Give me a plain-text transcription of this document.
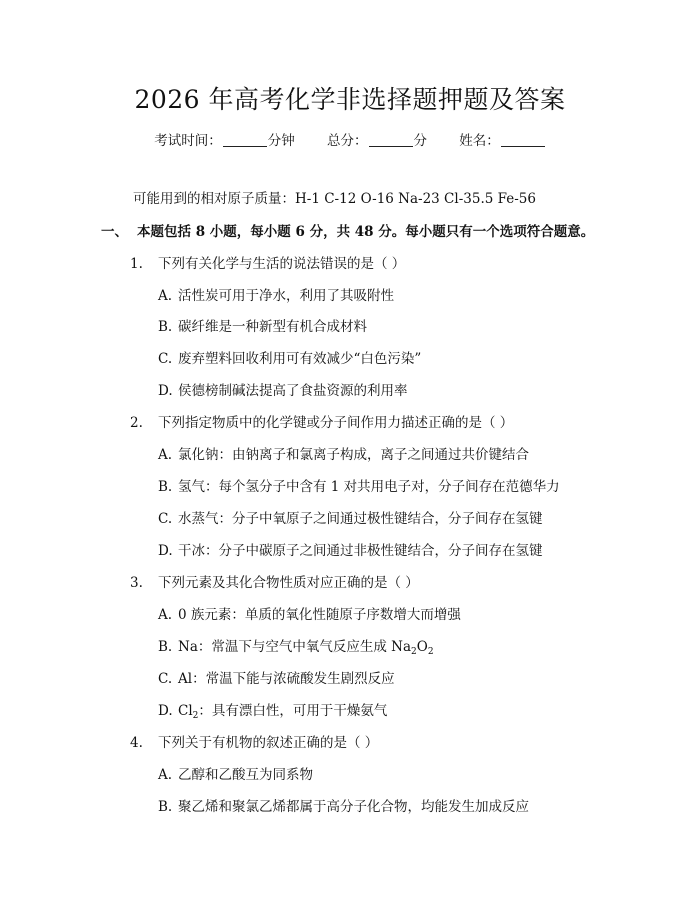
2026 年高考化学非选择题押题及答案
考试时间：	分钟 总分：	分 姓名：
可能用到的相对原子质量：H-1 C-12 O-16 Na-23 Cl-35.5 Fe-56
一、 本题包括 8 小题，每小题 6 分，共 48 分。每小题只有一个选项符合题意。
1. 下列有关化学与生活的说法错误的是（ ）
A. 活性炭可用于净水，利用了其吸附性
B. 碳纤维是一种新型有机合成材料
C. 废弃塑料回收利用可有效减少“白色污染”
D. 侯德榜制碱法提高了食盐资源的利用率
2. 下列指定物质中的化学键或分子间作用力描述正确的是（ ）
A. 氯化钠：由钠离子和氯离子构成，离子之间通过共价键结合
B. 氢气：每个氢分子中含有 1 对共用电子对，分子间存在范德华力
C. 水蒸气：分子中氧原子之间通过极性键结合，分子间存在氢键
D. 干冰：分子中碳原子之间通过非极性键结合，分子间存在氢键
3. 下列元素及其化合物性质对应正确的是（ ）
A. 0 族元素：单质的氧化性随原子序数增大而增强
B. Na：常温下与空气中氧气反应生成 $Na_2O_2$
C. Al：常温下能与浓硫酸发生剧烈反应
D. $Cl_2$：具有漂白性，可用于干燥氨气
4. 下列关于有机物的叙述正确的是（ ）
A. 乙醇和乙酸互为同系物
B. 聚乙烯和聚氯乙烯都属于高分子化合物，均能发生加成反应
